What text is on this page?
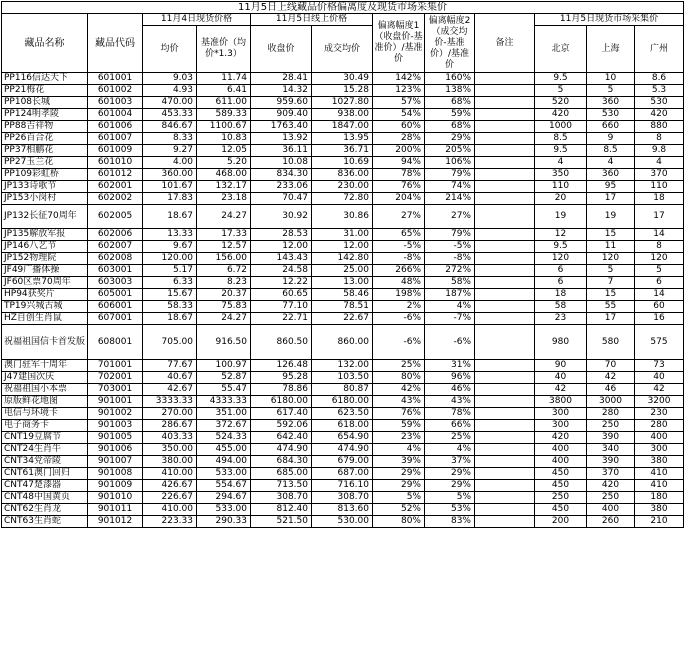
11月5日上线藏品价格偏离度及现货市场采集价											
藏品名称	藏品代码	11月4日现货价格		11月5日线上价格		偏离幅度1（收盘价-基准价）/基准价	偏离幅度2（成交均价-基准价）/基准价	备注	11月5日现货市场采集价		
		均价	基准价（均价*1.3）	收盘价	成交均价				北京	上海	广州
PP116信达天下	601001	9.03	11.74	28.41	30.49	142%	160%		9.5	10	8.6
PP21梅花	601002	4.93	6.41	14.32	15.28	123%	138%		5	5	5.3
PP108长城	601003	470.00	611.00	959.60	1027.80	57%	68%		520	360	530
PP124明孝陵	601004	453.33	589.33	909.40	938.00	54%	59%		420	530	420
PP88吉祥物	601006	846.67	1100.67	1763.40	1847.00	60%	68%		1000	660	880
PP26百合花	601007	8.33	10.83	13.92	13.95	28%	29%		8.5	9	8
PP37相鹏花	601009	9.27	12.05	36.11	36.71	200%	205%		9.5	8.5	9.8
PP27玉兰花	601010	4.00	5.20	10.08	10.69	94%	106%		4	4	4
PP109彩虹桥	601012	360.00	468.00	834.30	836.00	78%	79%		350	360	370
JP133诗歌节	602001	101.67	132.17	233.06	230.00	76%	74%		110	95	110
JP153小岗村	602002	17.83	23.18	70.47	72.80	204%	214%		20	17	18
JP132长征70周年	602005	18.67	24.27	30.92	30.86	27%	27%		19	19	17
JP135解放军报	602006	13.33	17.33	28.53	31.00	65%	79%		12	15	14
JP146八艺节	602007	9.67	12.57	12.00	12.00	-5%	-5%		9.5	11	8
JP152物理院	602008	120.00	156.00	143.43	142.80	-8%	-8%		120	120	120
JF49广播体操	603001	5.17	6.72	24.58	25.00	266%	272%		6	5	5
JF60区票70周年	603003	6.33	8.23	12.22	13.00	48%	58%		6	7	6
HP94获奖片	605001	15.67	20.37	60.65	58.46	198%	187%		18	15	14
TP19兴城古城	606001	58.33	75.83	77.10	78.51	2%	4%		58	55	60
HZ自创生肖鼠	607001	18.67	24.27	22.71	22.67	-6%	-7%		23	17	16
祝福祖国信卡首发版	608001	705.00	916.50	860.50	860.00	-6%	-6%		980	580	575
澳门驻军十周年	701001	77.67	100.97	126.48	132.00	25%	31%		90	70	73
J47建国次庆	702001	40.67	52.87	95.28	103.50	80%	96%		40	42	40
祝福祖国小本票	703001	42.67	55.47	78.86	80.87	42%	46%		42	46	42
原版鲜花地图	901001	3333.33	4333.33	6180.00	6180.00	43%	43%		3800	3000	3200
电信与环境卡	901002	270.00	351.00	617.40	623.50	76%	78%		300	280	230
电子商务卡	901003	286.67	372.67	592.06	618.00	59%	66%		300	250	280
CNT19豆腐节	901005	403.33	524.33	642.40	654.90	23%	25%		420	390	400
CNT24生肖牛	901006	350.00	455.00	474.90	474.90	4%	4%		400	340	300
CNT34党帝陵	901007	380.00	494.00	684.30	679.00	39%	37%		400	390	380
CNT61澳门回归	901008	410.00	533.00	685.00	687.00	29%	29%		450	370	410
CNT47楚漆器	901009	426.67	554.67	713.50	716.10	29%	29%		450	420	410
CNT48中国黄页	901010	226.67	294.67	308.70	308.70	5%	5%		250	250	180
CNT62生肖龙	901011	410.00	533.00	812.40	813.60	52%	53%		450	400	380
CNT63生肖蛇	901012	223.33	290.33	521.50	530.00	80%	83%		200	260	210
